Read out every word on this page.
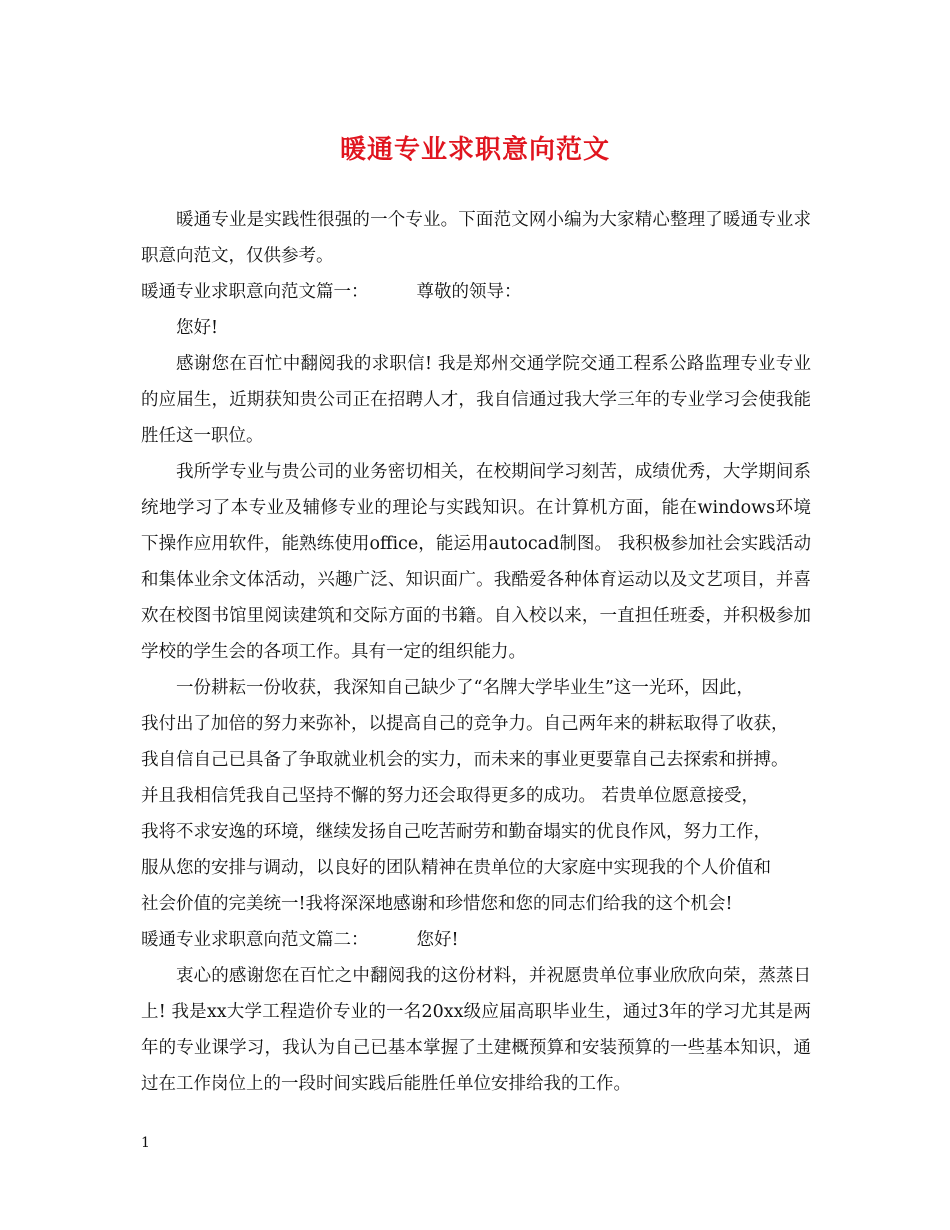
暖通专业求职意向范文

暖通专业是实践性很强的一个专业。下面范文网小编为大家精心整理了暖通专业求职意向范文，仅供参考。

暖通专业求职意向范文篇一：	尊敬的领导：

您好!

感谢您在百忙中翻阅我的求职信! 我是郑州交通学院交通工程系公路监理专业专业的应届生，近期获知贵公司正在招聘人才，我自信通过我大学三年的专业学习会使我能胜任这一职位。

我所学专业与贵公司的业务密切相关，在校期间学习刻苦，成绩优秀，大学期间系统地学习了本专业及辅修专业的理论与实践知识。在计算机方面，能在windows环境下操作应用软件，能熟练使用office，能运用autocad制图。 我积极参加社会实践活动和集体业余文体活动，兴趣广泛、知识面广。我酷爱各种体育运动以及文艺项目，并喜欢在校图书馆里阅读建筑和交际方面的书籍。自入校以来，一直担任班委，并积极参加学校的学生会的各项工作。具有一定的组织能力。

一份耕耘一份收获，我深知自己缺少了“名牌大学毕业生”这一光环，因此，

我付出了加倍的努力来弥补，以提高自己的竞争力。自己两年来的耕耘取得了收获，

我自信自己已具备了争取就业机会的实力，而未来的事业更要靠自己去探索和拼搏。

并且我相信凭我自己坚持不懈的努力还会取得更多的成功。 若贵单位愿意接受，

我将不求安逸的环境，继续发扬自己吃苦耐劳和勤奋塌实的优良作风，努力工作，

服从您的安排与调动，以良好的团队精神在贵单位的大家庭中实现我的个人价值和

社会价值的完美统一!我将深深地感谢和珍惜您和您的同志们给我的这个机会!

暖通专业求职意向范文篇二：	您好!

衷心的感谢您在百忙之中翻阅我的这份材料，并祝愿贵单位事业欣欣向荣，蒸蒸日上! 我是xx大学工程造价专业的一名20xx级应届高职毕业生，通过3年的学习尤其是两年的专业课学习，我认为自己已基本掌握了土建概预算和安装预算的一些基本知识，通过在工作岗位上的一段时间实践后能胜任单位安排给我的工作。

1
